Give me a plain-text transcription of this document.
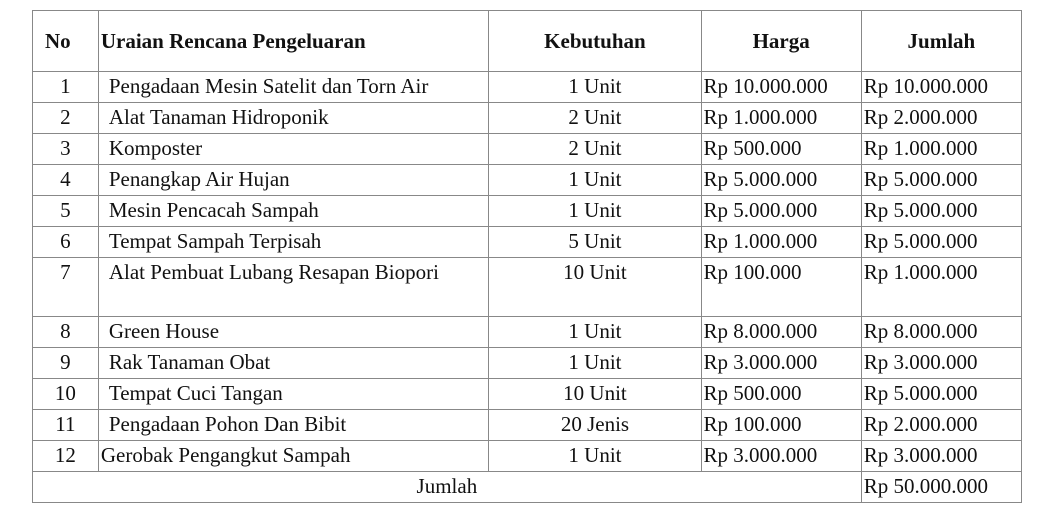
No	Uraian Rencana Pengeluaran	Kebutuhan	Harga	Jumlah
1	Pengadaan Mesin Satelit dan Torn Air	1 Unit	Rp 10.000.000	Rp 10.000.000
2	Alat Tanaman Hidroponik	2 Unit	Rp 1.000.000	Rp 2.000.000
3	Komposter	2 Unit	Rp 500.000	Rp 1.000.000
4	Penangkap Air Hujan	1 Unit	Rp 5.000.000	Rp 5.000.000
5	Mesin Pencacah Sampah	1 Unit	Rp 5.000.000	Rp 5.000.000
6	Tempat Sampah Terpisah	5 Unit	Rp 1.000.000	Rp 5.000.000
7	Alat Pembuat Lubang Resapan Biopori	10 Unit	Rp 100.000	Rp 1.000.000
8	Green House	1 Unit	Rp 8.000.000	Rp 8.000.000
9	Rak Tanaman Obat	1 Unit	Rp 3.000.000	Rp 3.000.000
10	Tempat Cuci Tangan	10 Unit	Rp 500.000	Rp 5.000.000
11	Pengadaan Pohon Dan Bibit	20 Jenis	Rp 100.000	Rp 2.000.000
12	Gerobak Pengangkut Sampah	1 Unit	Rp 3.000.000	Rp 3.000.000
Jumlah				Rp 50.000.000
